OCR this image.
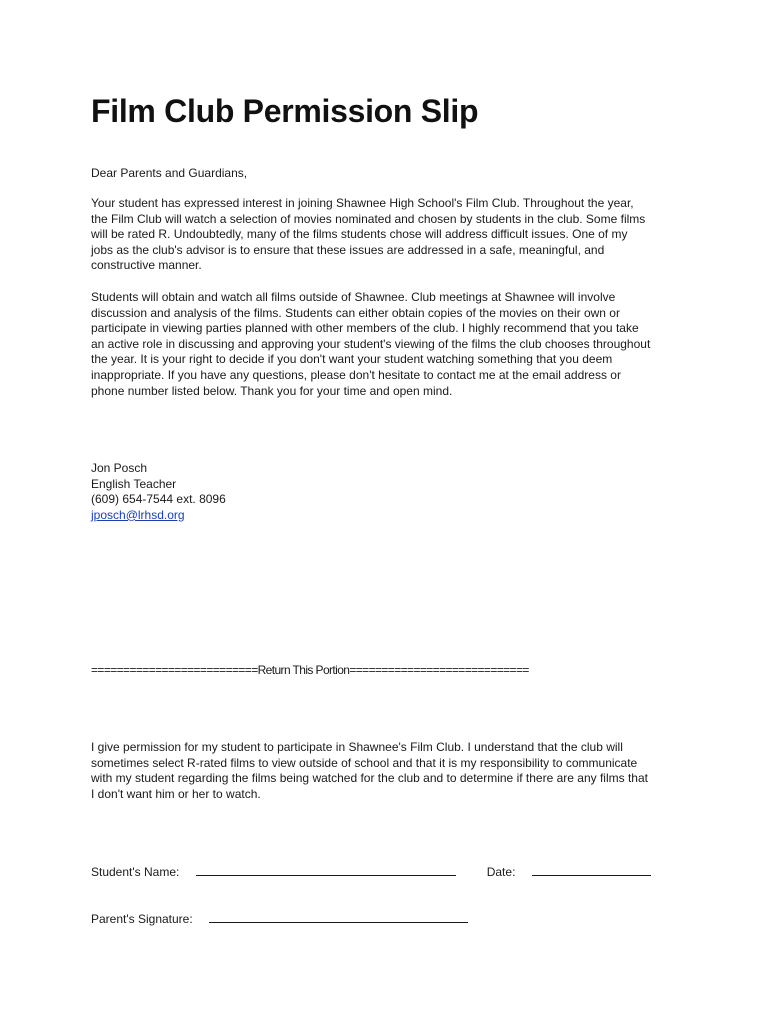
Film Club Permission Slip

Dear Parents and Guardians,

Your student has expressed interest in joining Shawnee High School's Film Club. Throughout the year,
the Film Club will watch a selection of movies nominated and chosen by students in the club. Some films
will be rated R. Undoubtedly, many of the films students chose will address difficult issues. One of my
jobs as the club's advisor is to ensure that these issues are addressed in a safe, meaningful, and
constructive manner.
Students will obtain and watch all films outside of Shawnee. Club meetings at Shawnee will involve
discussion and analysis of the films. Students can either obtain copies of the movies on their own or
participate in viewing parties planned with other members of the club. I highly recommend that you take
an active role in discussing and approving your student's viewing of the films the club chooses throughout
the year. It is your right to decide if you don't want your student watching something that you deem
inappropriate. If you have any questions, please don't hesitate to contact me at the email address or
phone number listed below. Thank you for your time and open mind.
Jon Posch
English Teacher
(609) 654-7544 ext. 8096
jposch@lrhsd.org
==========================Return This Portion============================
I give permission for my student to participate in Shawnee's Film Club. I understand that the club will
sometimes select R-rated films to view outside of school and that it is my responsibility to communicate
with my student regarding the films being watched for the club and to determine if there are any films that
I don't want him or her to watch.
Student's Name:	Date:
Parent's Signature:
